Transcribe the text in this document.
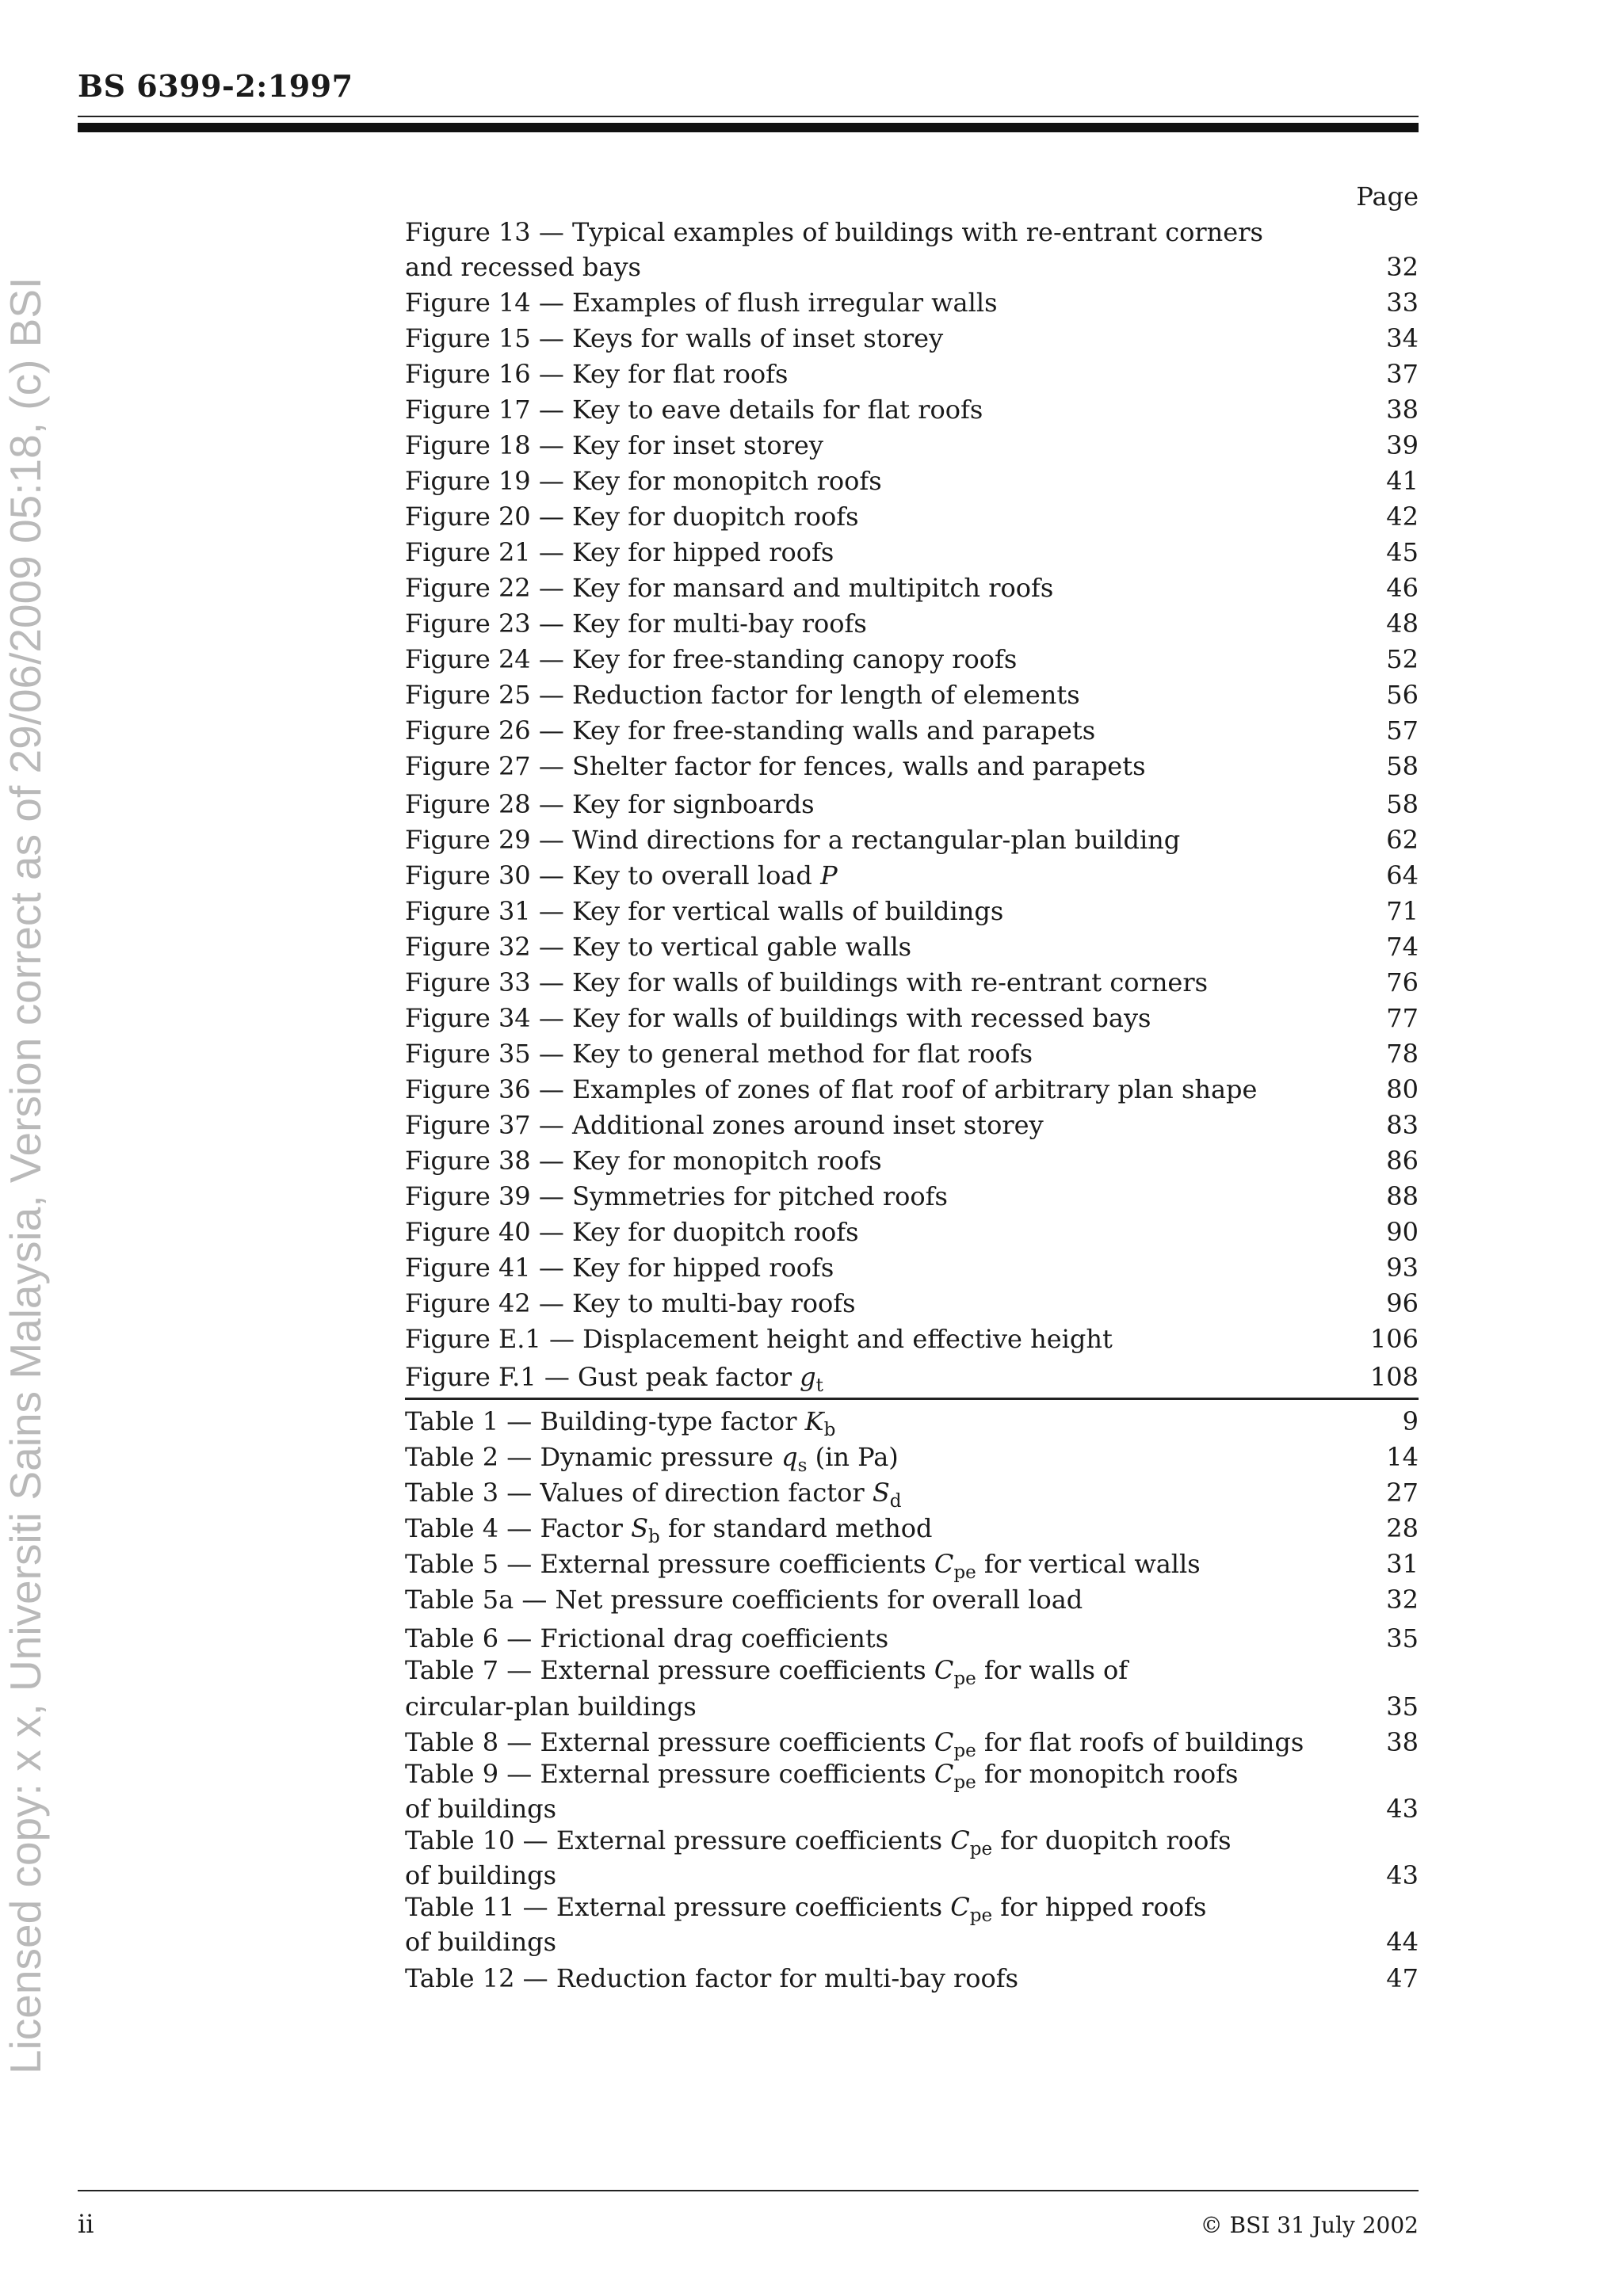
BS 6399-2:1997
Licensed copy: x x, Universiti Sains Malaysia, Version correct as of 29/06/2009 05:18, (c) BSI
Page
Figure 13 — Typical examples of buildings with re-entrant corners
and recessed bays	32
Figure 14 — Examples of flush irregular walls	33
Figure 15 — Keys for walls of inset storey	34
Figure 16 — Key for flat roofs	37
Figure 17 — Key to eave details for flat roofs	38
Figure 18 — Key for inset storey	39
Figure 19 — Key for monopitch roofs	41
Figure 20 — Key for duopitch roofs	42
Figure 21 — Key for hipped roofs	45
Figure 22 — Key for mansard and multipitch roofs	46
Figure 23 — Key for multi-bay roofs	48
Figure 24 — Key for free-standing canopy roofs	52
Figure 25 — Reduction factor for length of elements	56
Figure 26 — Key for free-standing walls and parapets	57
Figure 27 — Shelter factor for fences, walls and parapets	58
Figure 28 — Key for signboards	58
Figure 29 — Wind directions for a rectangular-plan building	62
Figure 30 — Key to overall load P	64
Figure 31 — Key for vertical walls of buildings	71
Figure 32 — Key to vertical gable walls	74
Figure 33 — Key for walls of buildings with re-entrant corners	76
Figure 34 — Key for walls of buildings with recessed bays	77
Figure 35 — Key to general method for flat roofs	78
Figure 36 — Examples of zones of flat roof of arbitrary plan shape	80
Figure 37 — Additional zones around inset storey	83
Figure 38 — Key for monopitch roofs	86
Figure 39 — Symmetries for pitched roofs	88
Figure 40 — Key for duopitch roofs	90
Figure 41 — Key for hipped roofs	93
Figure 42 — Key to multi-bay roofs	96
Figure E.1 — Displacement height and effective height	106
Figure F.1 — Gust peak factor $g_t$	108
Table 1 — Building-type factor $K_b$	9
Table 2 — Dynamic pressure $q_s$ (in Pa)	14
Table 3 — Values of direction factor $S_d$	27
Table 4 — Factor $S_b$ for standard method	28
Table 5 — External pressure coefficients $C_{pe}$ for vertical walls	31
Table 5a — Net pressure coefficients for overall load	32
Table 6 — Frictional drag coefficients	35
Table 7 — External pressure coefficients $C_{pe}$ for walls of
circular-plan buildings	35
Table 8 — External pressure coefficients $C_{pe}$ for flat roofs of buildings	38
Table 9 — External pressure coefficients $C_{pe}$ for monopitch roofs
of buildings	43
Table 10 — External pressure coefficients $C_{pe}$ for duopitch roofs
of buildings	43
Table 11 — External pressure coefficients $C_{pe}$ for hipped roofs
of buildings	44
Table 12 — Reduction factor for multi-bay roofs	47
ii	© BSI 31 July 2002
